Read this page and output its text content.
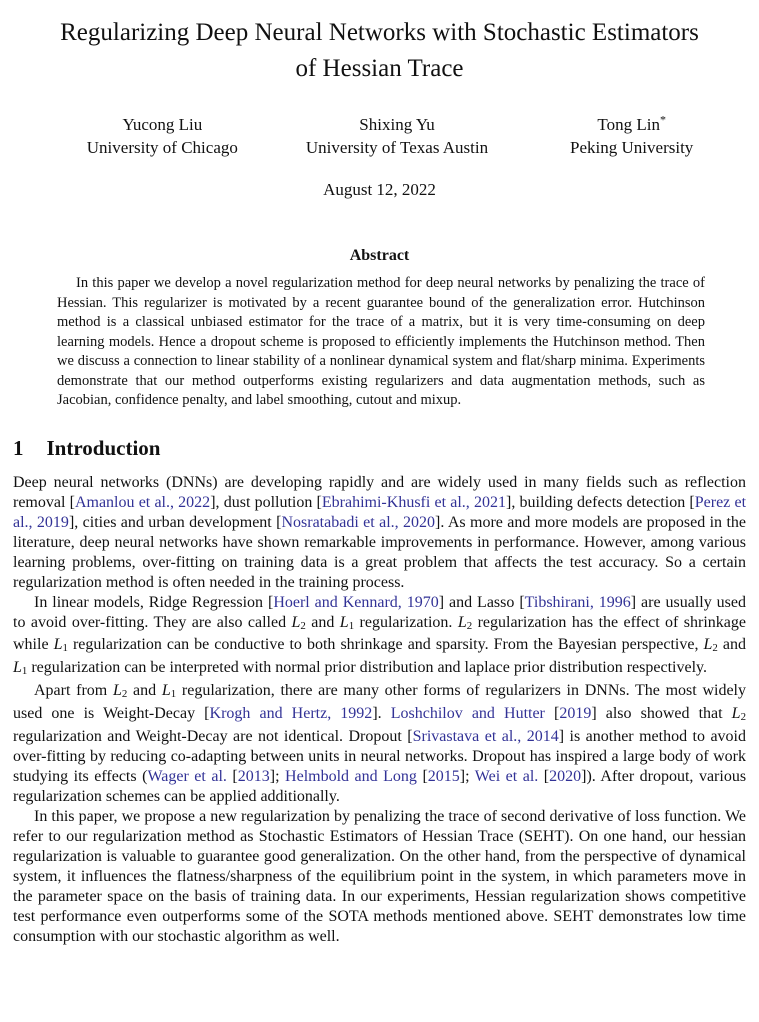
Regularizing Deep Neural Networks with Stochastic Estimators
of Hessian Trace
Yucong Liu
University of Chicago
Shixing Yu
University of Texas Austin
Tong Lin*
Peking University
August 12, 2022
Abstract

In this paper we develop a novel regularization method for deep neural networks by penalizing the trace of Hessian. This regularizer is motivated by a recent guarantee bound of the generalization error. Hutchinson method is a classical unbiased estimator for the trace of a matrix, but it is very time-consuming on deep learning models. Hence a dropout scheme is proposed to efficiently implements the Hutchinson method. Then we discuss a connection to linear stability of a nonlinear dynamical system and flat/sharp minima. Experiments demonstrate that our method outperforms existing regularizers and data augmentation methods, such as Jacobian, confidence penalty, and label smoothing, cutout and mixup.

1 Introduction

Deep neural networks (DNNs) are developing rapidly and are widely used in many fields such as reflection removal [Amanlou et al., 2022], dust pollution [Ebrahimi-Khusfi et al., 2021], building defects detection [Perez et al., 2019], cities and urban development [Nosratabadi et al., 2020]. As more and more models are proposed in the literature, deep neural networks have shown remarkable improvements in performance. However, among various learning problems, over-fitting on training data is a great problem that affects the test accuracy. So a certain regularization method is often needed in the training process.

In linear models, Ridge Regression [Hoerl and Kennard, 1970] and Lasso [Tibshirani, 1996] are usually used to avoid over-fitting. They are also called L2 and L1 regularization. L2 regularization has the effect of shrinkage while L1 regularization can be conductive to both shrinkage and sparsity. From the Bayesian perspective, L2 and L1 regularization can be interpreted with normal prior distribution and laplace prior distribution respectively.

Apart from L2 and L1 regularization, there are many other forms of regularizers in DNNs. The most widely used one is Weight-Decay [Krogh and Hertz, 1992]. Loshchilov and Hutter [2019] also showed that L2 regularization and Weight-Decay are not identical. Dropout [Srivastava et al., 2014] is another method to avoid over-fitting by reducing co-adapting between units in neural networks. Dropout has inspired a large body of work studying its effects (Wager et al. [2013]; Helmbold and Long [2015]; Wei et al. [2020]). After dropout, various regularization schemes can be applied additionally.

In this paper, we propose a new regularization by penalizing the trace of second derivative of loss function. We refer to our regularization method as Stochastic Estimators of Hessian Trace (SEHT). On one hand, our hessian regularization is valuable to guarantee good generalization. On the other hand, from the perspective of dynamical system, it influences the flatness/sharpness of the equilibrium point in the system, in which parameters move in the parameter space on the basis of training data. In our experiments, Hessian regularization shows competitive test performance even outperforms some of the SOTA methods mentioned above. SEHT demonstrates low time consumption with our stochastic algorithm as well.
